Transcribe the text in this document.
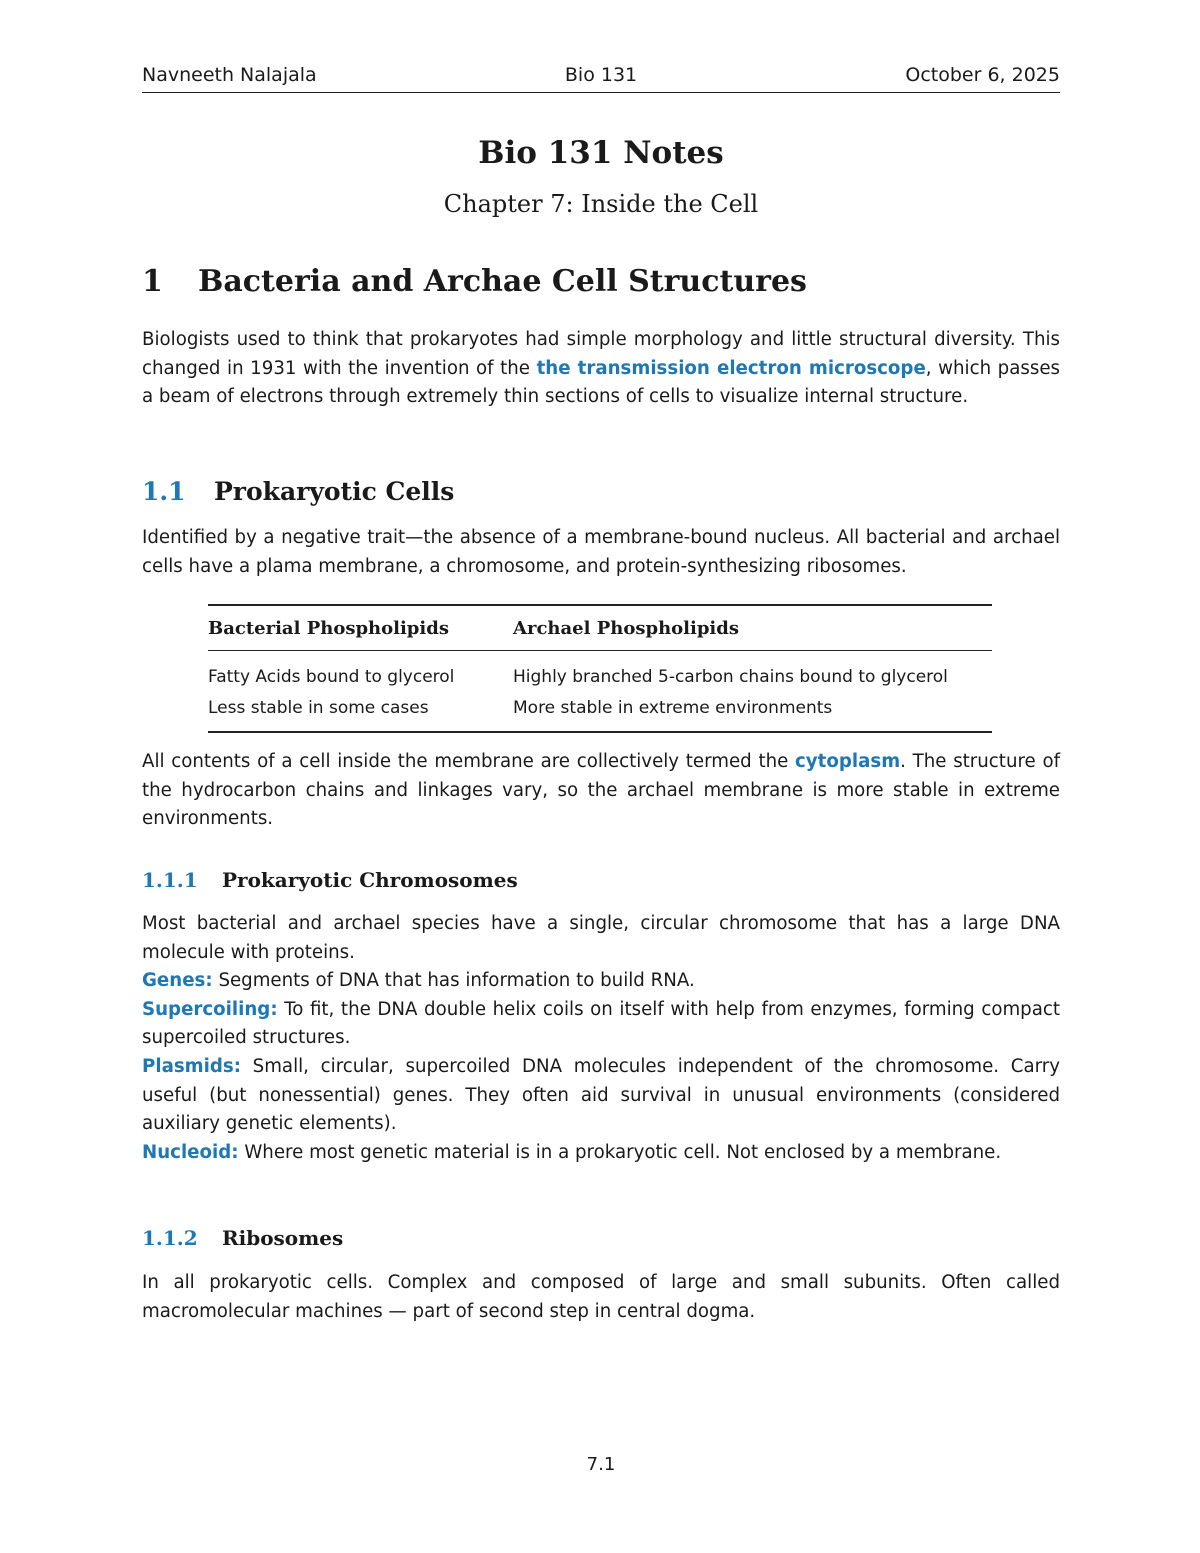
Navneeth Nalajala	Bio 131	October 6, 2025
Bio 131 Notes
Chapter 7: Inside the Cell
1 Bacteria and Archae Cell Structures
Biologists used to think that prokaryotes had simple morphology and little structural diversity. This changed in 1931 with the invention of the the transmission electron microscope, which passes a beam of electrons through extremely thin sections of cells to visualize internal structure.
1.1 Prokaryotic Cells
Identified by a negative trait—the absence of a membrane-bound nucleus. All bacterial and archael cells have a plama membrane, a chromosome, and protein-synthesizing ribosomes.
Bacterial Phospholipids	Archael Phospholipids
Fatty Acids bound to glycerol	Highly branched 5-carbon chains bound to glycerol
Less stable in some cases	More stable in extreme environments
All contents of a cell inside the membrane are collectively termed the cytoplasm. The structure of the hydrocarbon chains and linkages vary, so the archael membrane is more stable in extreme environments.
1.1.1 Prokaryotic Chromosomes
Most bacterial and archael species have a single, circular chromosome that has a large DNA molecule with proteins.
Genes: Segments of DNA that has information to build RNA.
Supercoiling: To fit, the DNA double helix coils on itself with help from enzymes, forming compact supercoiled structures.
Plasmids: Small, circular, supercoiled DNA molecules independent of the chromosome. Carry useful (but nonessential) genes. They often aid survival in unusual environments (considered auxiliary genetic elements).
Nucleoid: Where most genetic material is in a prokaryotic cell. Not enclosed by a membrane.
1.1.2 Ribosomes
In all prokaryotic cells. Complex and composed of large and small subunits. Often called macromolecular machines — part of second step in central dogma.
7.1
